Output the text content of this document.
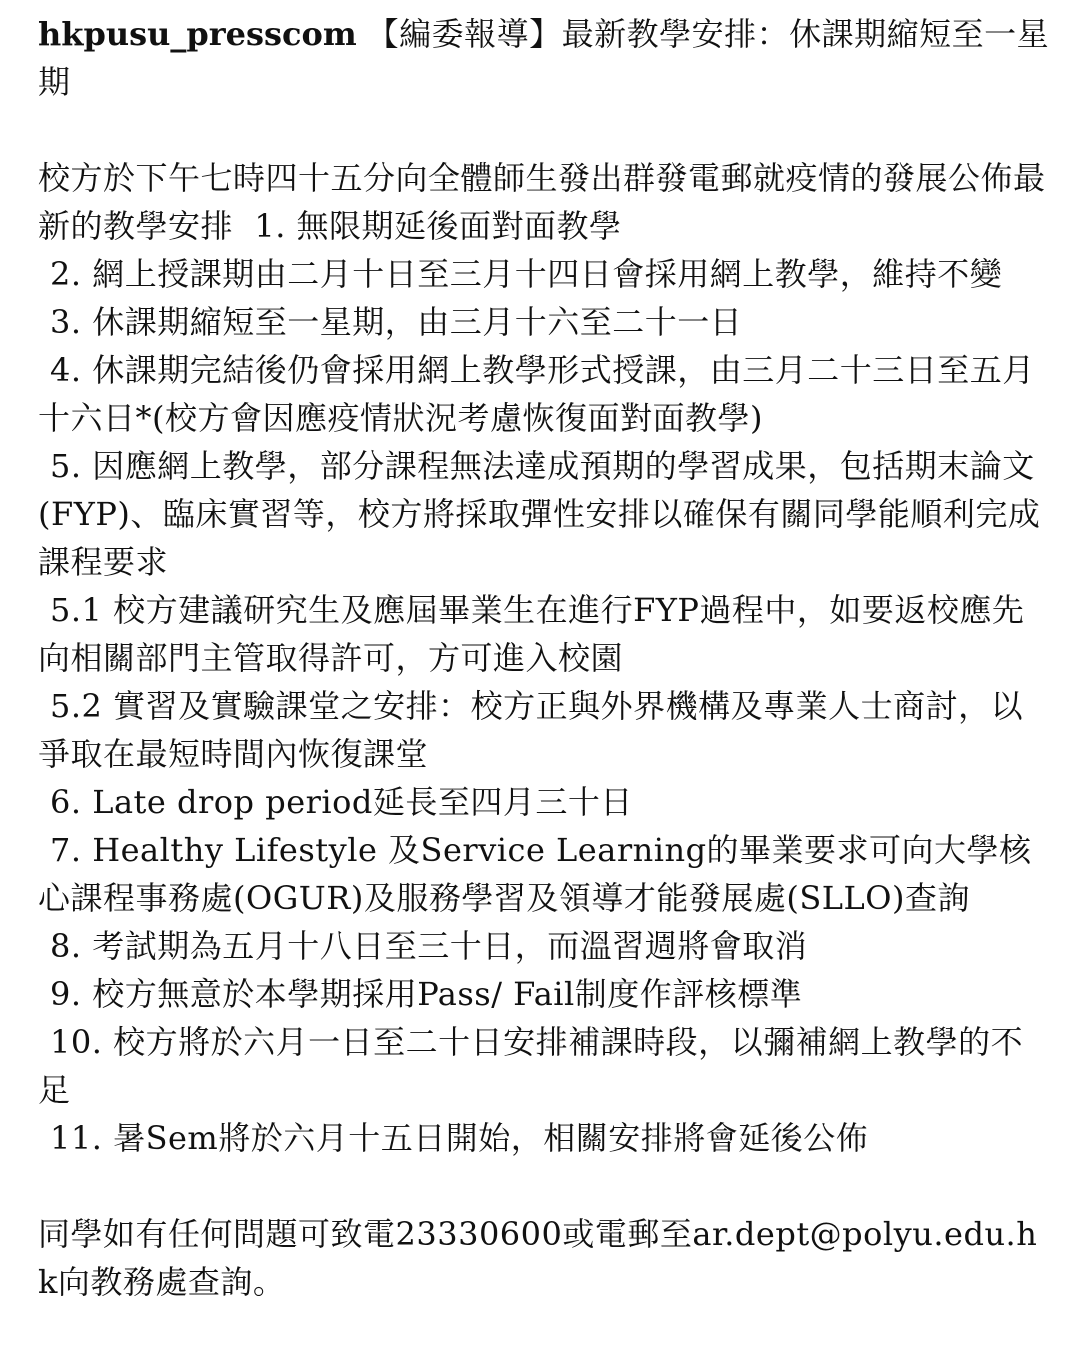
hkpusu_presscom 【編委報導】最新教學安排：休課期縮短至一星期

校方於下午七時四十五分向全體師生發出群發電郵就疫情的發展公佈最新的教學安排  1. 無限期延後面對面教學

2. 網上授課期由二月十日至三月十四日會採用網上教學，維持不變

3. 休課期縮短至一星期，由三月十六至二十一日

4. 休課期完結後仍會採用網上教學形式授課，由三月二十三日至五月十六日*(校方會因應疫情狀況考慮恢復面對面教學)

5. 因應網上教學，部分課程無法達成預期的學習成果，包括期末論文(FYP)、臨床實習等，校方將採取彈性安排以確保有關同學能順利完成課程要求

5.1 校方建議研究生及應屆畢業生在進行FYP過程中，如要返校應先向相關部門主管取得許可，方可進入校園

5.2 實習及實驗課堂之安排：校方正與外界機構及專業人士商討，以爭取在最短時間內恢復課堂

6. Late drop period延長至四月三十日

7. Healthy Lifestyle 及Service Learning的畢業要求可向大學核心課程事務處(OGUR)及服務學習及領導才能發展處(SLLO)查詢

8. 考試期為五月十八日至三十日，而溫習週將會取消

9. 校方無意於本學期採用Pass/ Fail制度作評核標準

10. 校方將於六月一日至二十日安排補課時段，以彌補網上教學的不足

11. 暑Sem將於六月十五日開始，相關安排將會延後公佈

同學如有任何問題可致電23330600或電郵至ar.dept@polyu.edu.hk向教務處查詢。
